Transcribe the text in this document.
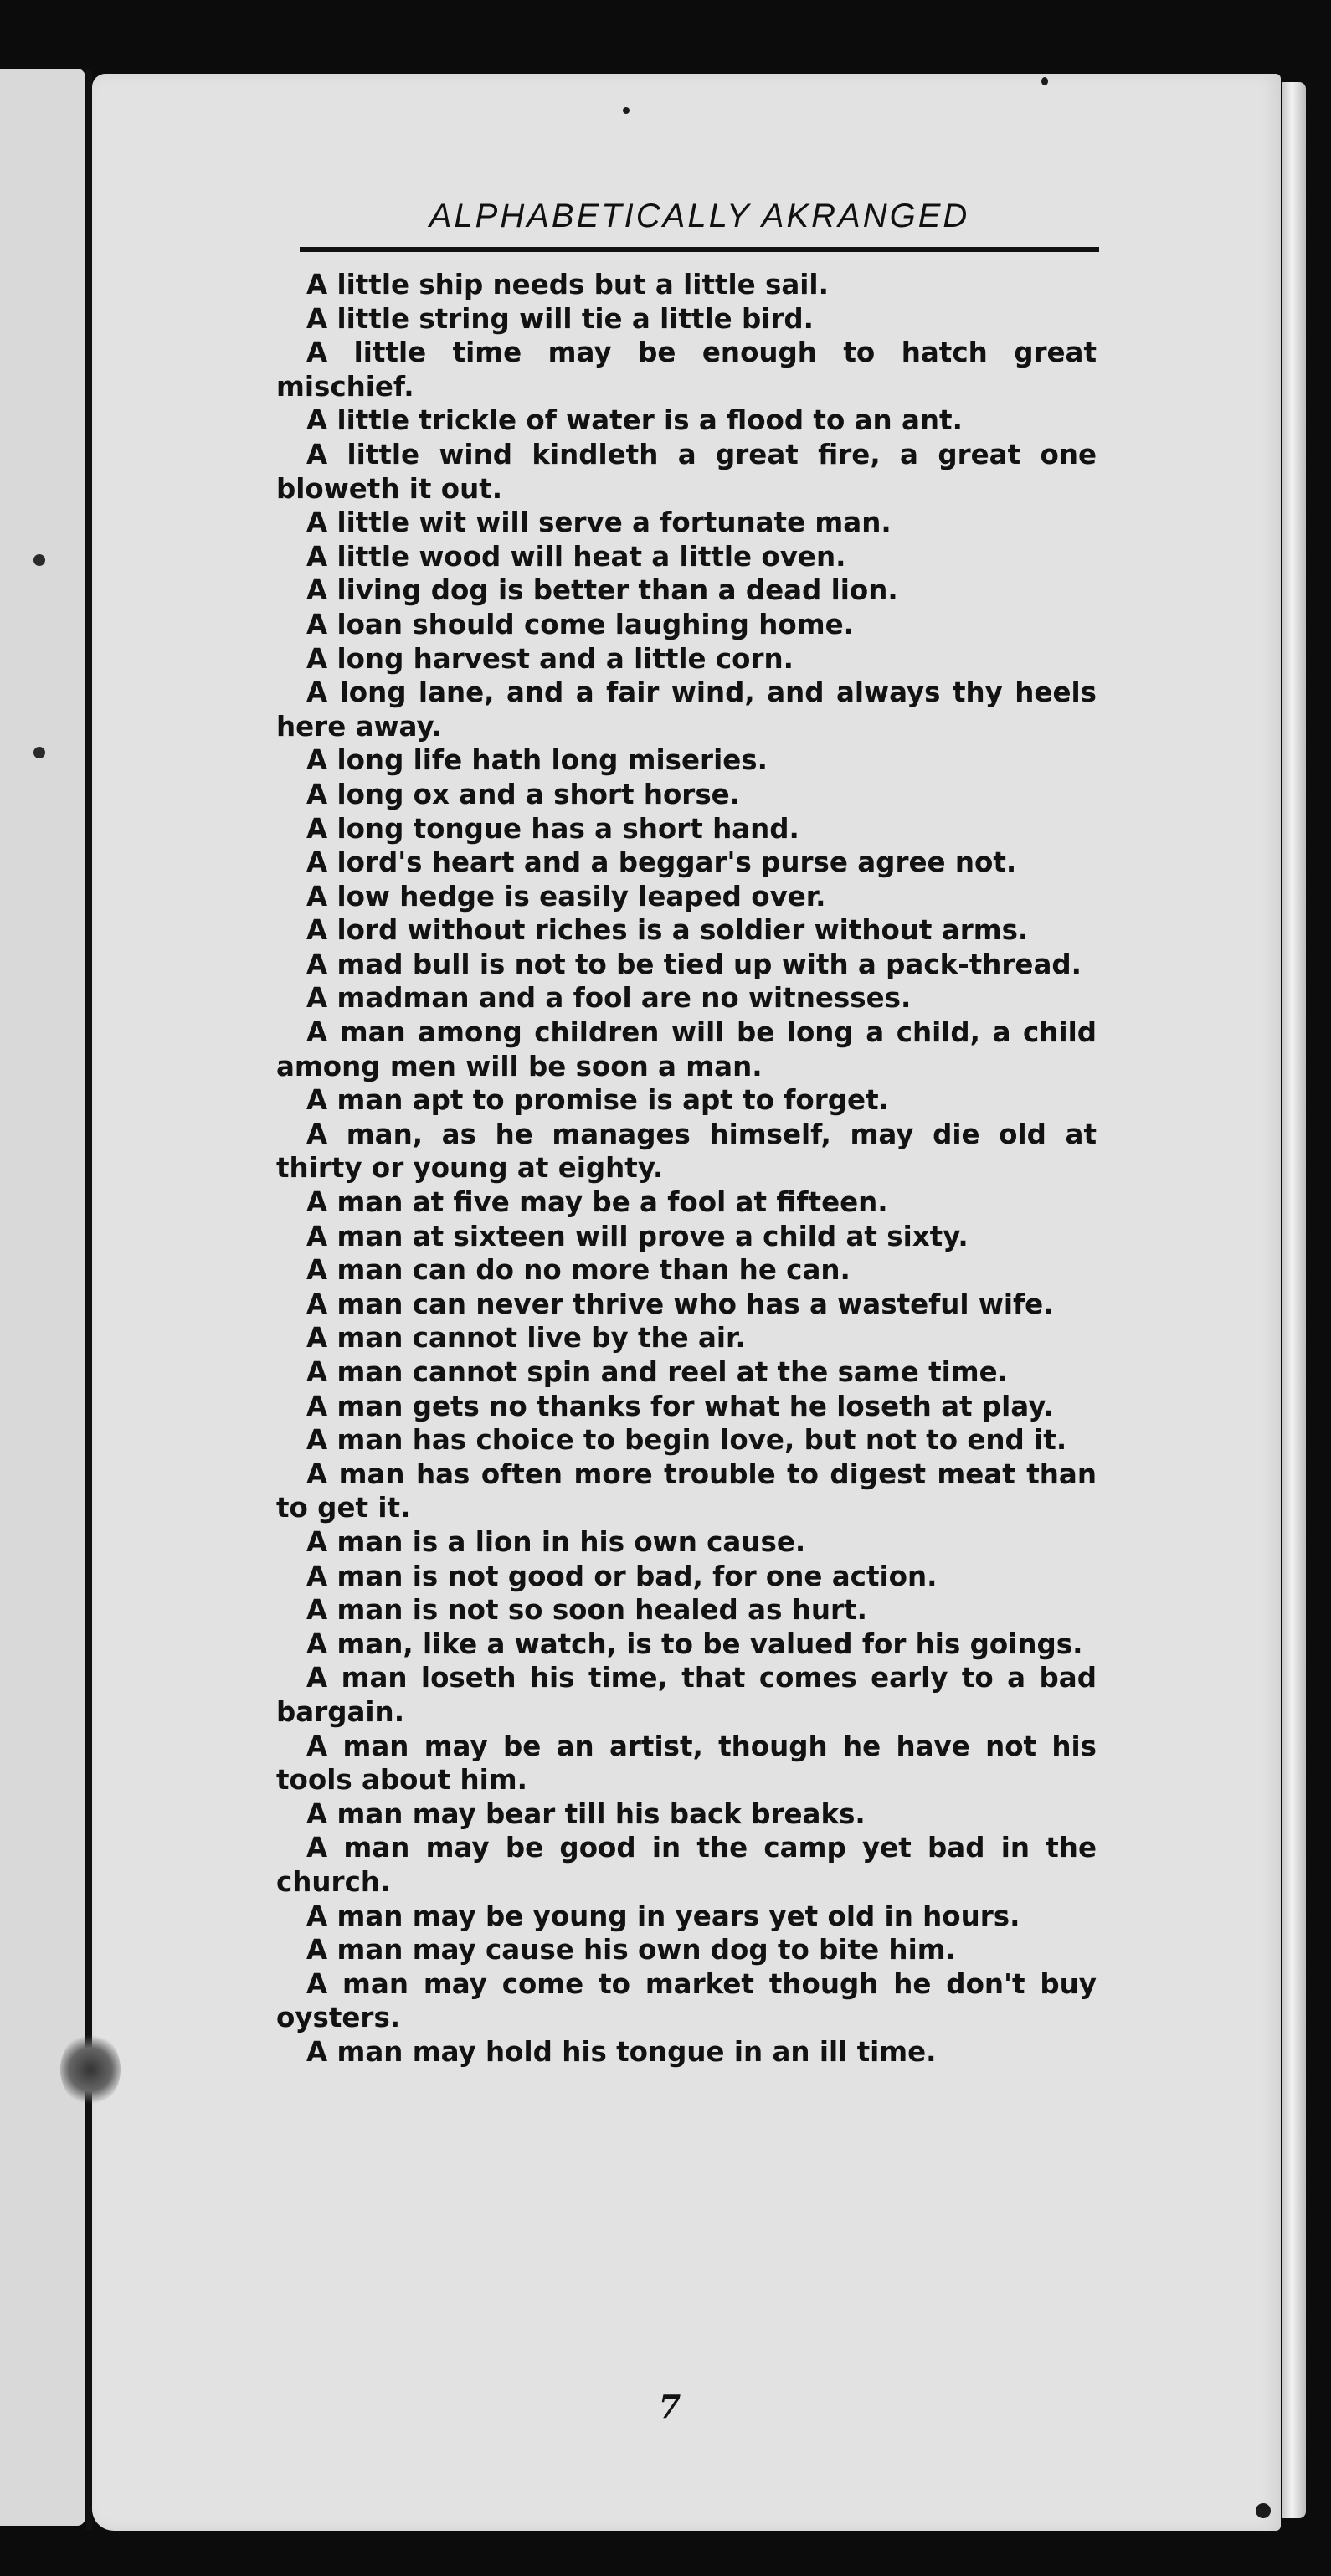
ALPHABETICALLY AKRANGED

A little ship needs but a little sail.

A little string will tie a little bird.

A little time may be enough to hatch great mischief.

A little trickle of water is a flood to an ant.

A little wind kindleth a great fire, a great one bloweth it out.

A little wit will serve a fortunate man.

A little wood will heat a little oven.

A living dog is better than a dead lion.

A loan should come laughing home.

A long harvest and a little corn.

A long lane, and a fair wind, and always thy heels here away.

A long life hath long miseries.

A long ox and a short horse.

A long tongue has a short hand.

A lord's heart and a beggar's purse agree not.

A low hedge is easily leaped over.

A lord without riches is a soldier without arms.

A mad bull is not to be tied up with a pack-thread.

A madman and a fool are no witnesses.

A man among children will be long a child, a child among men will be soon a man.

A man apt to promise is apt to forget.

A man, as he manages himself, may die old at thirty or young at eighty.

A man at five may be a fool at fifteen.

A man at sixteen will prove a child at sixty.

A man can do no more than he can.

A man can never thrive who has a wasteful wife.

A man cannot live by the air.

A man cannot spin and reel at the same time.

A man gets no thanks for what he loseth at play.

A man has choice to begin love, but not to end it.

A man has often more trouble to digest meat than to get it.

A man is a lion in his own cause.

A man is not good or bad, for one action.

A man is not so soon healed as hurt.

A man, like a watch, is to be valued for his goings.

A man loseth his time, that comes early to a bad bargain.

A man may be an artist, though he have not his tools about him.

A man may bear till his back breaks.

A man may be good in the camp yet bad in the church.

A man may be young in years yet old in hours.

A man may cause his own dog to bite him.

A man may come to market though he don't buy oysters.

A man may hold his tongue in an ill time.

7
